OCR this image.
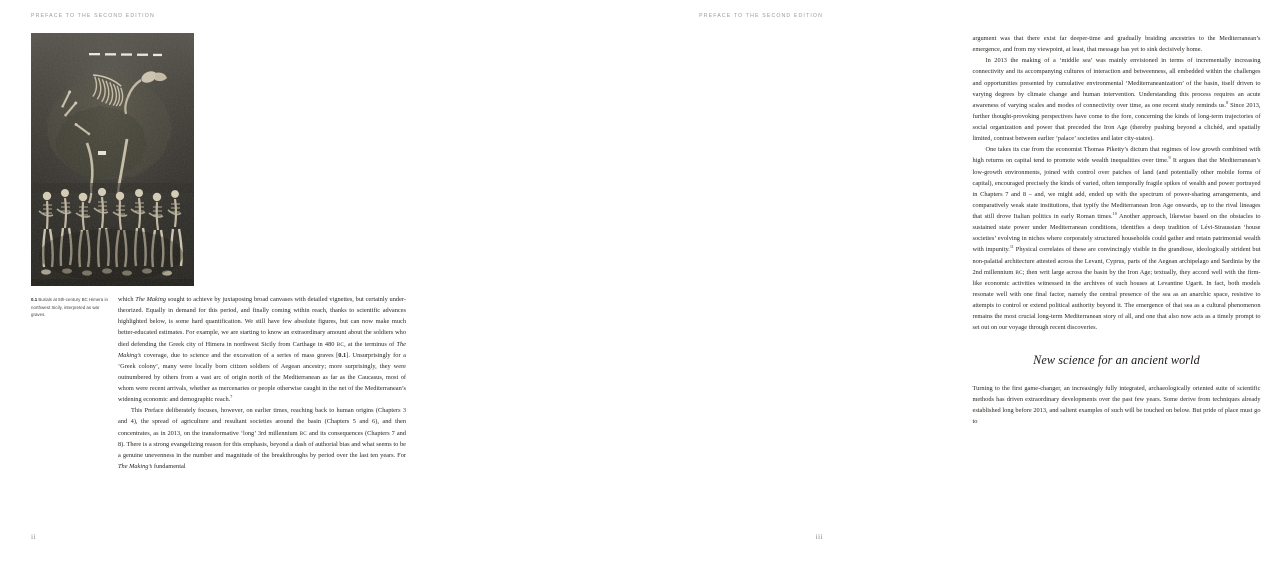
PREFACE TO THE SECOND EDITION
0.1 Burials at 5th-century BC Himera in northwest Sicily, interpreted as war graves.

which The Making sought to achieve by juxtaposing broad canvases with detailed vignettes, but certainly under-theorized. Equally in demand for this period, and finally coming within reach, thanks to scientific advances highlighted below, is some hard quantification. We still have few absolute figures, but can now make much better-educated estimates. For example, we are starting to know an extraordinary amount about the soldiers who died defending the Greek city of Himera in northwest Sicily from Carthage in 480 BC, at the terminus of The Making’s coverage, due to science and the excavation of a series of mass graves [0.1]. Unsurprisingly for a ‘Greek colony’, many were locally born citizen soldiers of Aegean ancestry; more surprisingly, they were outnumbered by others from a vast arc of origin north of the Mediterranean as far as the Caucasus, most of whom were recent arrivals, whether as mercenaries or people otherwise caught in the net of the Mediterranean’s widening economic and demographic reach.$^7$

This Preface deliberately focuses, however, on earlier times, reaching back to human origins (Chapters 3 and 4), the spread of agriculture and resultant societies around the basin (Chapters 5 and 6), and then concentrates, as in 2013, on the transformative ‘long’ 3rd millennium BC and its consequences (Chapters 7 and 8). There is a strong evangelizing reason for this emphasis, beyond a dash of authorial bias and what seems to be a genuine unevenness in the number and magnitude of the breakthroughs by period over the last ten years. For The Making’s fundamental

ii
PREFACE TO THE SECOND EDITION

argument was that there exist far deeper-time and gradually braiding ancestries to the Mediterranean’s emergence, and from my viewpoint, at least, that message has yet to sink decisively home.

In 2013 the making of a ‘middle sea’ was mainly envisioned in terms of incrementally increasing connectivity and its accompanying cultures of interaction and betweenness, all embedded within the challenges and opportunities presented by cumulative environmental ‘Mediterraneanization’ of the basin, itself driven to varying degrees by climate change and human intervention. Understanding this process requires an acute awareness of varying scales and modes of connectivity over time, as one recent study reminds us.$^8$ Since 2013, further thought-provoking perspectives have come to the fore, concerning the kinds of long-term trajectories of social organization and power that preceded the Iron Age (thereby pushing beyond a clichéd, and spatially limited, contrast between earlier ‘palace’ societies and later city-states).

One takes its cue from the economist Thomas Piketty’s dictum that regimes of low growth combined with high returns on capital tend to promote wide wealth inequalities over time.$^9$ It argues that the Mediterranean’s low-growth environments, joined with control over patches of land (and potentially other mobile forms of capital), encouraged precisely the kinds of varied, often temporally fragile spikes of wealth and power portrayed in Chapters 7 and 8 – and, we might add, ended up with the spectrum of power-sharing arrangements, and comparatively weak state institutions, that typify the Mediterranean Iron Age onwards, up to the rival lineages that still drove Italian politics in early Roman times.$^{10}$ Another approach, likewise based on the obstacles to sustained state power under Mediterranean conditions, identifies a deep tradition of Lévi-Straussian ‘house societies’ evolving in niches where corporately structured households could gather and retain patrimonial wealth with impunity.$^{11}$ Physical correlates of these are convincingly visible in the grandiose, ideologically strident but non-palatial architecture attested across the Levant, Cyprus, parts of the Aegean archipelago and Sardinia by the 2nd millennium BC; then writ large across the basin by the Iron Age; textually, they accord well with the firm-like economic activities witnessed in the archives of such houses at Levantine Ugarit. In fact, both models resonate well with one final factor, namely the central presence of the sea as an anarchic space, resistive to attempts to control or extend political authority beyond it. The emergence of that sea as a cultural phenomenon remains the most crucial long-term Mediterranean story of all, and one that also now acts as a timely prompt to set out on our voyage through recent discoveries.

New science for an ancient world

Turning to the first game-changer, an increasingly fully integrated, archaeologically oriented suite of scientific methods has driven extraordinary developments over the past few years. Some derive from techniques already established long before 2013, and salient examples of such will be touched on below. But pride of place must go to

iii
